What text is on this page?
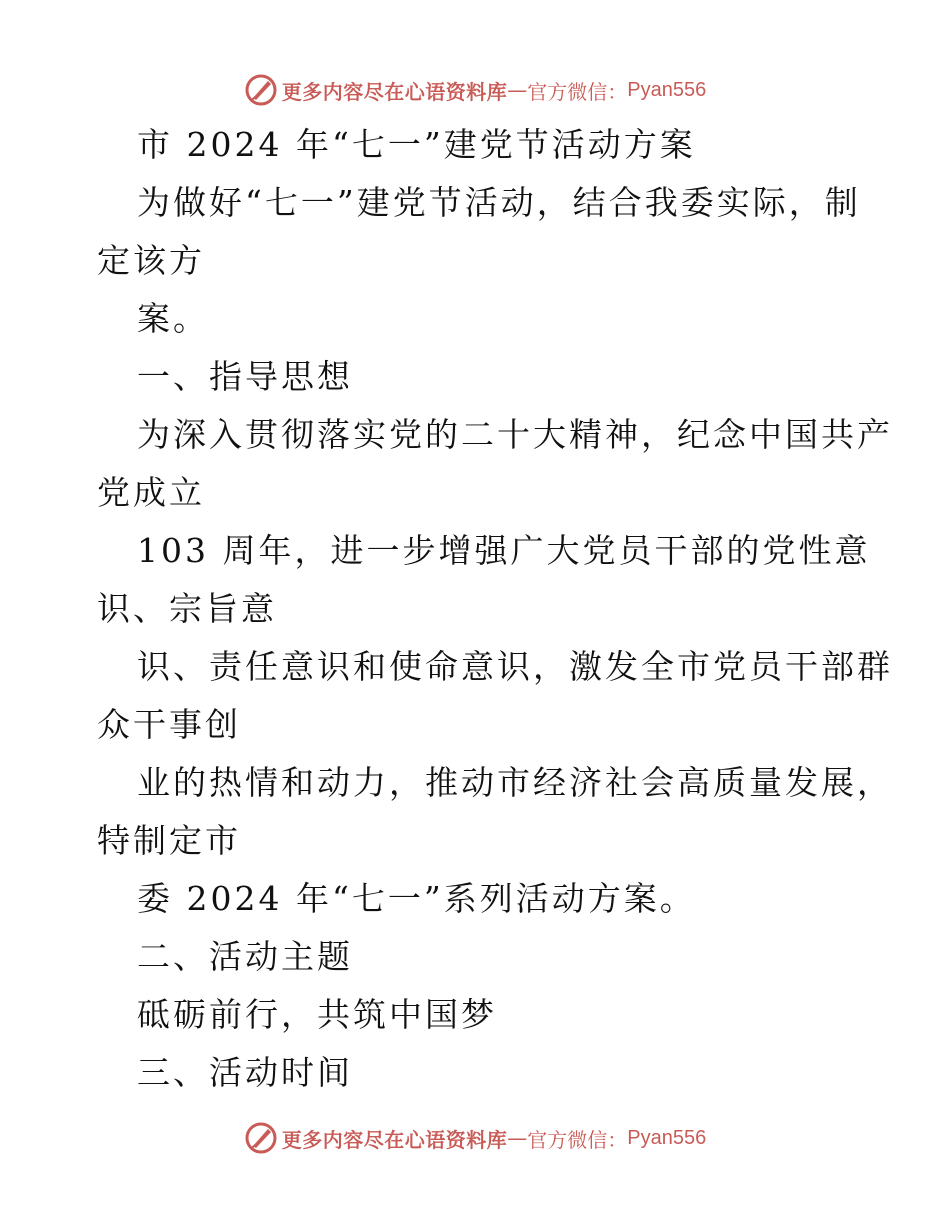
更多内容尽在心语资料库 — 官方微信： Pyan556
市 2024 年“七一”建党节活动方案
为做好“七一”建党节活动，结合我委实际，制
定该方
案。
一、指导思想
为深入贯彻落实党的二十大精神，纪念中国共产
党成立
103 周年，进一步增强广大党员干部的党性意
识、宗旨意
识、责任意识和使命意识，激发全市党员干部群
众干事创
业的热情和动力，推动市经济社会高质量发展，
特制定市
委 2024 年“七一”系列活动方案。
二、活动主题
砥砺前行，共筑中国梦
三、活动时间
更多内容尽在心语资料库 — 官方微信： Pyan556
